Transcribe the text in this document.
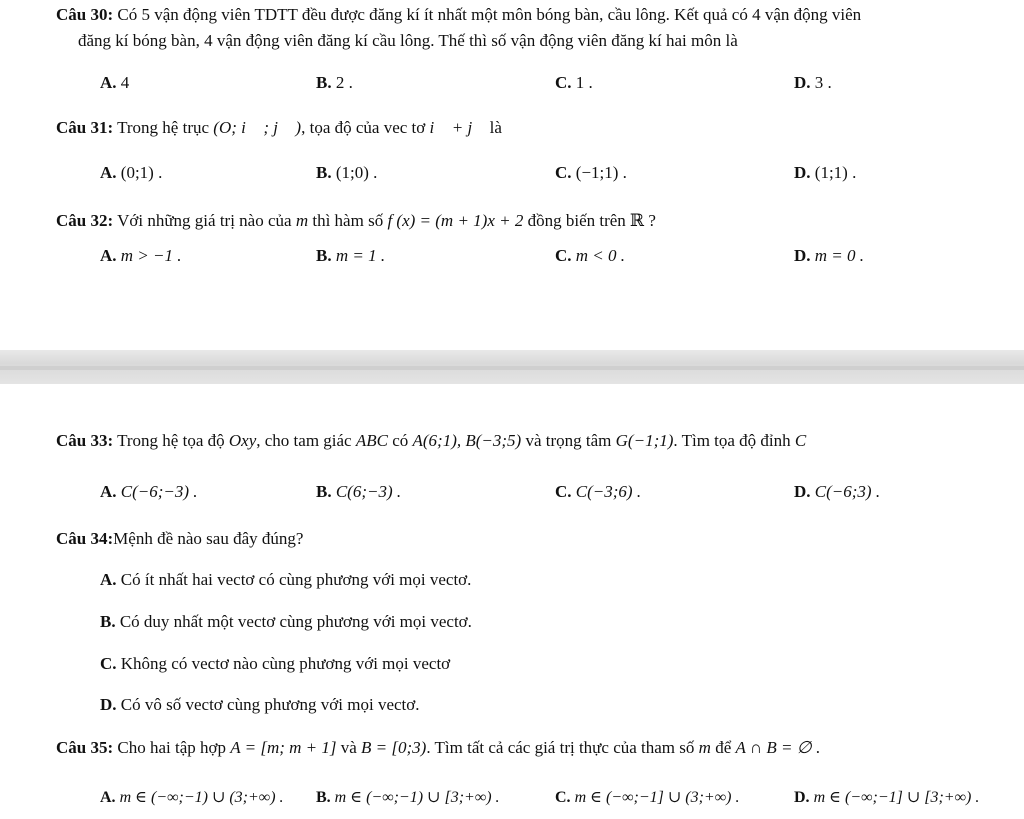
Câu 30: Có 5 vận động viên TDTT đều được đăng kí ít nhất một môn bóng bàn, cầu lông. Kết quả có 4 vận động viên
đăng kí bóng bàn, 4 vận động viên đăng kí cầu lông. Thế thì số vận động viên đăng kí hai môn là
A. 4	B. 2 .	C. 1 .	D. 3 .
Câu 31: Trong hệ trục (O; i⃗ ; j⃗ ), tọa độ của vec tơ i⃗ + j⃗ là
A. (0;1) .	B. (1;0) .	C. (−1;1) .	D. (1;1) .
Câu 32: Với những giá trị nào của m thì hàm số f (x) = (m + 1)x + 2 đồng biến trên ℝ ?
A. m > −1 .	B. m = 1 .	C. m < 0 .	D. m = 0 .
Câu 33: Trong hệ tọa độ Oxy, cho tam giác ABC có A(6;1), B(−3;5) và trọng tâm G(−1;1). Tìm tọa độ đỉnh C
A. C(−6;−3) .	B. C(6;−3) .	C. C(−3;6) .	D. C(−6;3) .
Câu 34:Mệnh đề nào sau đây đúng?
A. Có ít nhất hai vectơ có cùng phương với mọi vectơ.
B. Có duy nhất một vectơ cùng phương với mọi vectơ.
C. Không có vectơ nào cùng phương với mọi vectơ
D. Có vô số vectơ cùng phương với mọi vectơ.
Câu 35: Cho hai tập hợp A = [m; m + 1] và B = [0;3). Tìm tất cả các giá trị thực của tham số m để A ∩ B = ∅ .
A. m ∈ (−∞;−1) ∪ (3;+∞) . B. m ∈ (−∞;−1) ∪ [3;+∞) .	C. m ∈ (−∞;−1] ∪ (3;+∞) .	D. m ∈ (−∞;−1] ∪ [3;+∞) .
